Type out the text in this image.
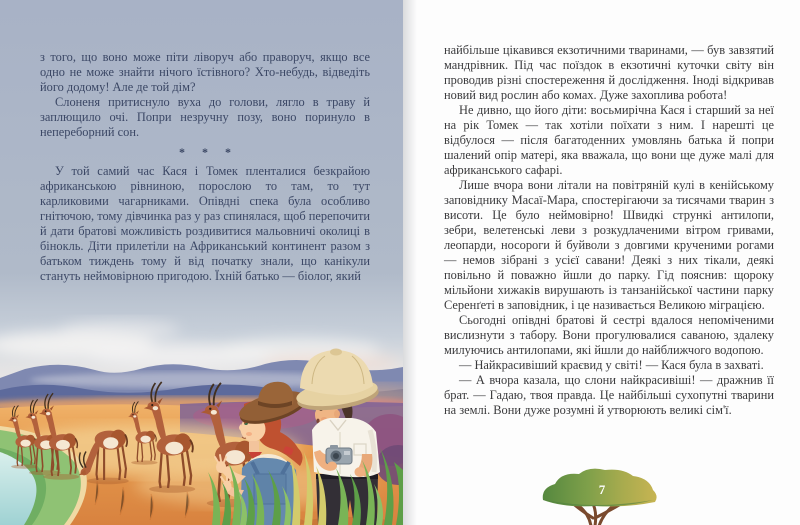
з того, що воно може піти ліворуч або праворуч, якщо все одно не може знайти нічого їстівного? Хто-небудь, відведіть його додому! Але де той дім?

Слоненя притиснуло вуха до голови, лягло в траву й заплющило очі. Попри незручну позу, воно поринуло в непереборний сон.

* * *

У той самий час Кася і Томек пленталися безкрайою африканською рівниною, порослою то там, то тут карликовими чагарниками. Опівдні спека була особливо гнітючою, тому дівчинка раз у раз спинялася, щоб перепочити й дати братові можливість роздивитися мальовничі околиці в бінокль. Діти прилетіли на Африканський континент разом з батьком тиждень тому й від початку знали, що канікули стануть неймовірною пригодою. Їхній батько — біолог, який

найбільше цікавився екзотичними тваринами, — був завзятий мандрівник. Під час поїздок в екзотичні куточки світу він проводив різні спостереження й дослідження. Іноді відкривав новий вид рослин або комах. Дуже захоплива робота!

Не дивно, що його діти: восьмирічна Кася і старший за неї на рік Томек — так хотіли поїхати з ним. І нарешті це відбулося — після багатоденних умовлянь батька й попри шалений опір матері, яка вважала, що вони ще дуже малі для африканського сафарі.

Лише вчора вони літали на повітряній кулі в кенійському заповіднику Масаї-Мара, спостерігаючи за тисячами тварин з висоти. Це було неймовірно! Швидкі стрункі антилопи, зебри, велетенські леви з розкудлаченими вітром гривами, леопарди, носороги й буйволи з довгими крученими рогами — немов зібрані з усієї савани! Деякі з них тікали, деякі повільно й поважно йшли до парку. Гід пояснив: щороку мільйони хижаків вирушають із танзанійської частини парку Серенґеті в заповідник, і це називається Великою міграцією.

Сьогодні опівдні братові й сестрі вдалося непоміченими вислизнути з табору. Вони прогулювалися саваною, здалеку милуючись антилопами, які йшли до найближчого водопою.

— Найкрасивіший краєвид у світі! — Кася була в захваті.

— А вчора казала, що слони найкрасивіші! — дражнив її брат. — Гадаю, твоя правда. Це найбільші сухопутні тварини на землі. Вони дуже розумні й утворюють великі сім'ї.

7
